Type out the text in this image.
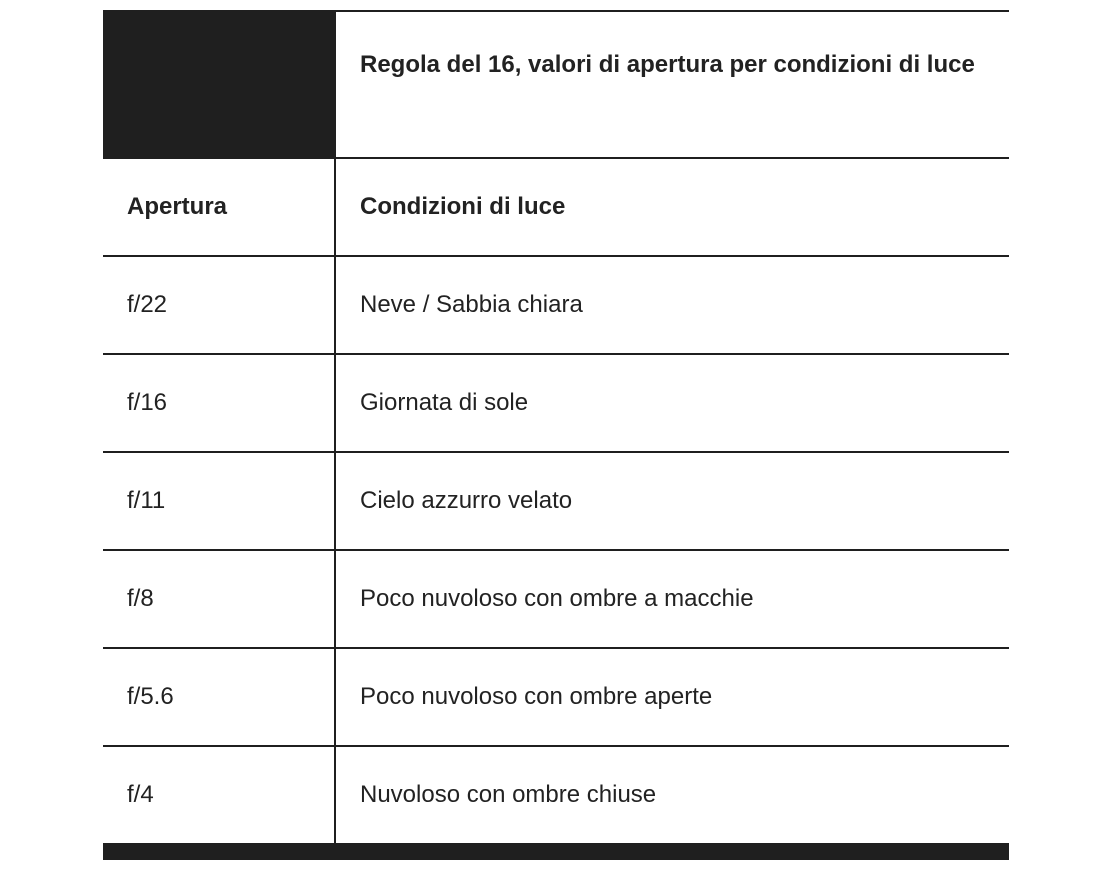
Regola del 16, valori di apertura per condizioni di luce
Apertura	Condizioni di luce
f/22	Neve / Sabbia chiara
f/16	Giornata di sole
f/11	Cielo azzurro velato
f/8	Poco nuvoloso con ombre a macchie
f/5.6	Poco nuvoloso con ombre aperte
f/4	Nuvoloso con ombre chiuse
